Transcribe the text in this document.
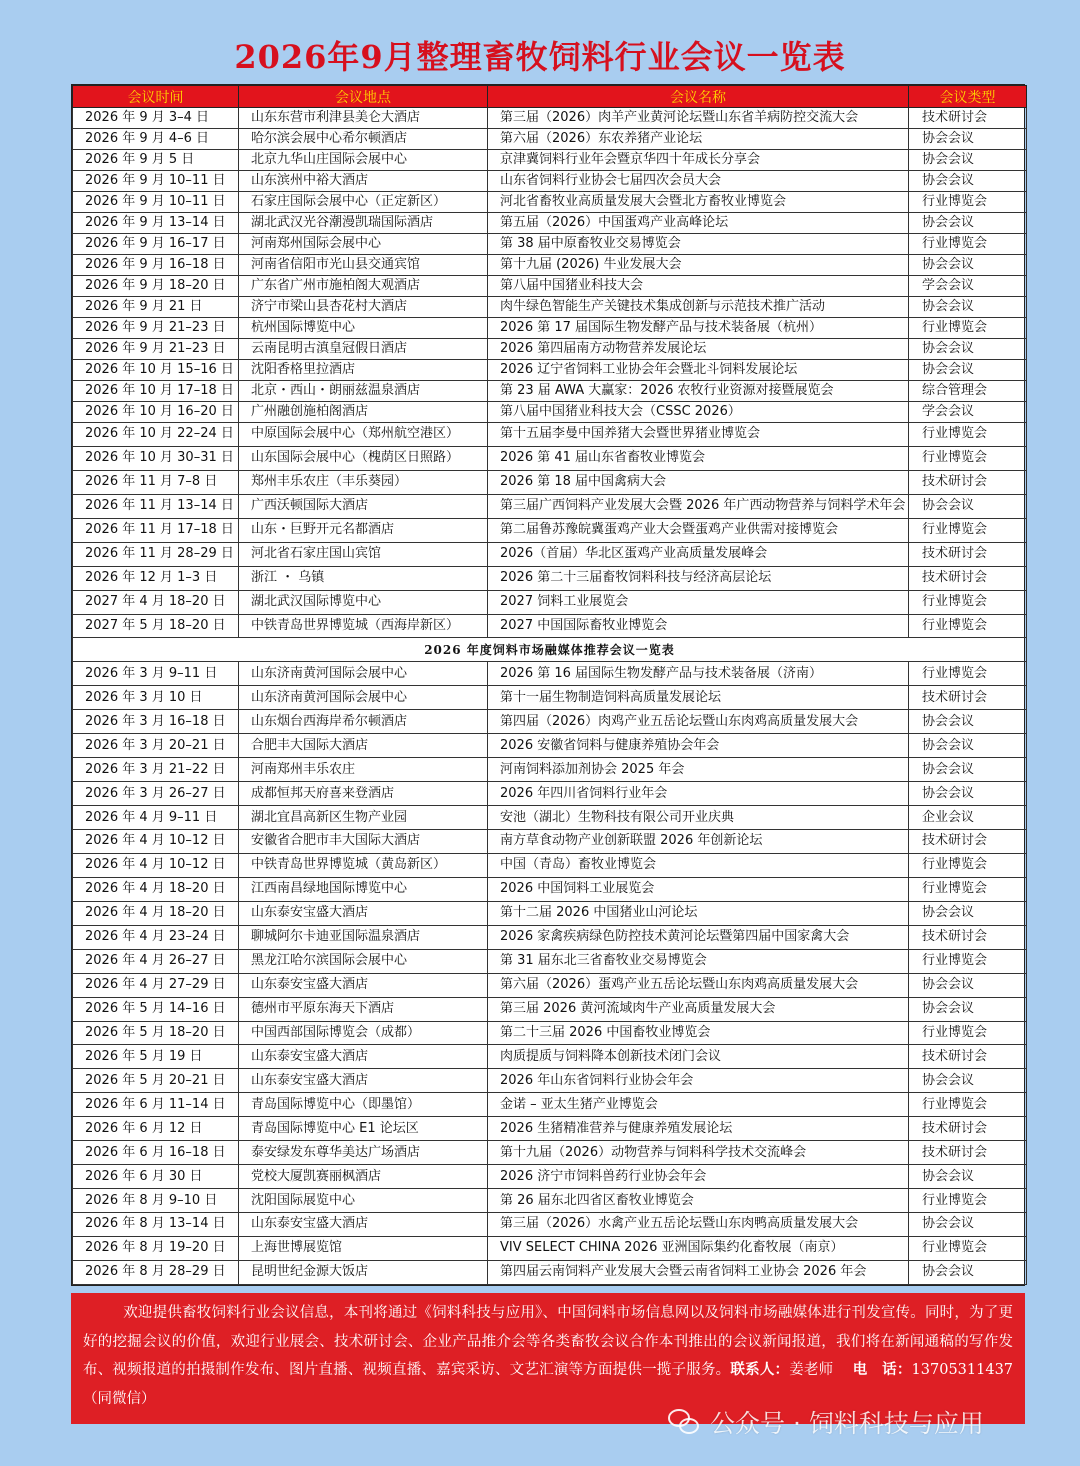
2026年9月整理畜牧饲料行业会议一览表
会议时间	会议地点	会议名称	会议类型
2026 年 9 月 3–4 日	山东东营市利津县美仑大酒店	第三届（2026）肉羊产业黄河论坛暨山东省羊病防控交流大会	技术研讨会
2026 年 9 月 4–6 日	哈尔滨会展中心希尔顿酒店	第六届（2026）东农养猪产业论坛	协会会议
2026 年 9 月 5 日	北京九华山庄国际会展中心	京津冀饲料行业年会暨京华四十年成长分享会	协会会议
2026 年 9 月 10–11 日	山东滨州中裕大酒店	山东省饲料行业协会七届四次会员大会	协会会议
2026 年 9 月 10–11 日	石家庄国际会展中心（正定新区）	河北省畜牧业高质量发展大会暨北方畜牧业博览会	行业博览会
2026 年 9 月 13–14 日	湖北武汉光谷潮漫凯瑞国际酒店	第五届（2026）中国蛋鸡产业高峰论坛	协会会议
2026 年 9 月 16–17 日	河南郑州国际会展中心	第 38 届中原畜牧业交易博览会	行业博览会
2026 年 9 月 16–18 日	河南省信阳市光山县交通宾馆	第十九届 (2026) 牛业发展大会	协会会议
2026 年 9 月 18–20 日	广东省广州市施柏阁大观酒店	第八届中国猪业科技大会	学会会议
2026 年 9 月 21 日	济宁市梁山县杏花村大酒店	肉牛绿色智能生产关键技术集成创新与示范技术推广活动	协会会议
2026 年 9 月 21–23 日	杭州国际博览中心	2026 第 17 届国际生物发酵产品与技术装备展（杭州）	行业博览会
2026 年 9 月 21–23 日	云南昆明古滇皇冠假日酒店	2026 第四届南方动物营养发展论坛	协会会议
2026 年 10 月 15–16 日	沈阳香格里拉酒店	2026 辽宁省饲料工业协会年会暨北斗饲料发展论坛	协会会议
2026 年 10 月 17–18 日	北京・西山・朗丽兹温泉酒店	第 23 届 AWA 大赢家：2026 农牧行业资源对接暨展览会	综合管理会
2026 年 10 月 16–20 日	广州融创施柏阁酒店	第八届中国猪业科技大会（CSSC 2026）	学会会议
2026 年 10 月 22–24 日	中原国际会展中心（郑州航空港区）	第十五届李曼中国养猪大会暨世界猪业博览会	行业博览会
2026 年 10 月 30–31 日	山东国际会展中心（槐荫区日照路）	2026 第 41 届山东省畜牧业博览会	行业博览会
2026 年 11 月 7–8 日	郑州丰乐农庄（丰乐葵园）	2026 第 18 届中国禽病大会	技术研讨会
2026 年 11 月 13–14 日	广西沃顿国际大酒店	第三届广西饲料产业发展大会暨 2026 年广西动物营养与饲料学术年会	协会会议
2026 年 11 月 17–18 日	山东・巨野开元名都酒店	第二届鲁苏豫皖冀蛋鸡产业大会暨蛋鸡产业供需对接博览会	行业博览会
2026 年 11 月 28–29 日	河北省石家庄国山宾馆	2026（首届）华北区蛋鸡产业高质量发展峰会	技术研讨会
2026 年 12 月 1–3 日	浙江 ・ 乌镇	2026 第二十三届畜牧饲料科技与经济高层论坛	技术研讨会
2027 年 4 月 18–20 日	湖北武汉国际博览中心	2027 饲料工业展览会	行业博览会
2027 年 5 月 18–20 日	中铁青岛世界博览城（西海岸新区）	2027 中国国际畜牧业博览会	行业博览会
2026 年度饲料市场融媒体推荐会议一览表			
2026 年 3 月 9–11 日	山东济南黄河国际会展中心	2026 第 16 届国际生物发酵产品与技术装备展（济南）	行业博览会
2026 年 3 月 10 日	山东济南黄河国际会展中心	第十一届生物制造饲料高质量发展论坛	技术研讨会
2026 年 3 月 16–18 日	山东烟台西海岸希尔顿酒店	第四届（2026）肉鸡产业五岳论坛暨山东肉鸡高质量发展大会	协会会议
2026 年 3 月 20–21 日	合肥丰大国际大酒店	2026 安徽省饲料与健康养殖协会年会	协会会议
2026 年 3 月 21–22 日	河南郑州丰乐农庄	河南饲料添加剂协会 2025 年会	协会会议
2026 年 3 月 26–27 日	成都恒邦天府喜来登酒店	2026 年四川省饲料行业年会	协会会议
2026 年 4 月 9–11 日	湖北宜昌高新区生物产业园	安池（湖北）生物科技有限公司开业庆典	企业会议
2026 年 4 月 10–12 日	安徽省合肥市丰大国际大酒店	南方草食动物产业创新联盟 2026 年创新论坛	技术研讨会
2026 年 4 月 10–12 日	中铁青岛世界博览城（黄岛新区）	中国（青岛）畜牧业博览会	行业博览会
2026 年 4 月 18–20 日	江西南昌绿地国际博览中心	2026 中国饲料工业展览会	行业博览会
2026 年 4 月 18–20 日	山东泰安宝盛大酒店	第十二届 2026 中国猪业山河论坛	协会会议
2026 年 4 月 23–24 日	聊城阿尔卡迪亚国际温泉酒店	2026 家禽疾病绿色防控技术黄河论坛暨第四届中国家禽大会	技术研讨会
2026 年 4 月 26–27 日	黑龙江哈尔滨国际会展中心	第 31 届东北三省畜牧业交易博览会	行业博览会
2026 年 4 月 27–29 日	山东泰安宝盛大酒店	第六届（2026）蛋鸡产业五岳论坛暨山东肉鸡高质量发展大会	协会会议
2026 年 5 月 14–16 日	德州市平原东海天下酒店	第三届 2026 黄河流域肉牛产业高质量发展大会	协会会议
2026 年 5 月 18–20 日	中国西部国际博览会（成都）	第二十三届 2026 中国畜牧业博览会	行业博览会
2026 年 5 月 19 日	山东泰安宝盛大酒店	肉质提质与饲料降本创新技术闭门会议	技术研讨会
2026 年 5 月 20–21 日	山东泰安宝盛大酒店	2026 年山东省饲料行业协会年会	协会会议
2026 年 6 月 11–14 日	青岛国际博览中心（即墨馆）	金诺 – 亚太生猪产业博览会	行业博览会
2026 年 6 月 12 日	青岛国际博览中心 E1 论坛区	2026 生猪精准营养与健康养殖发展论坛	技术研讨会
2026 年 6 月 16–18 日	泰安绿发东尊华美达广场酒店	第十九届（2026）动物营养与饲料科学技术交流峰会	技术研讨会
2026 年 6 月 30 日	党校大厦凯赛丽枫酒店	2026 济宁市饲料兽药行业协会年会	协会会议
2026 年 8 月 9–10 日	沈阳国际展览中心	第 26 届东北四省区畜牧业博览会	行业博览会
2026 年 8 月 13–14 日	山东泰安宝盛大酒店	第三届（2026）水禽产业五岳论坛暨山东肉鸭高质量发展大会	协会会议
2026 年 8 月 19–20 日	上海世博展览馆	VIV SELECT CHINA 2026 亚洲国际集约化畜牧展（南京）	行业博览会
2026 年 8 月 28–29 日	昆明世纪金源大饭店	第四届云南饲料产业发展大会暨云南省饲料工业协会 2026 年会	协会会议
欢迎提供畜牧饲料行业会议信息，本刊将通过《饲料科技与应用》、中国饲料市场信息网以及饲料市场融媒体进行刊发宣传。同时，为了更好的挖掘会议的价值，欢迎行业展会、技术研讨会、企业产品推介会等各类畜牧会议合作本刊推出的会议新闻报道，我们将在新闻通稿的写作发布、视频报道的拍摄制作发布、图片直播、视频直播、嘉宾采访、文艺汇演等方面提供一揽子服务。联系人：姜老师 电　话：13705311437（同微信）
公众号 · 饲料科技与应用
